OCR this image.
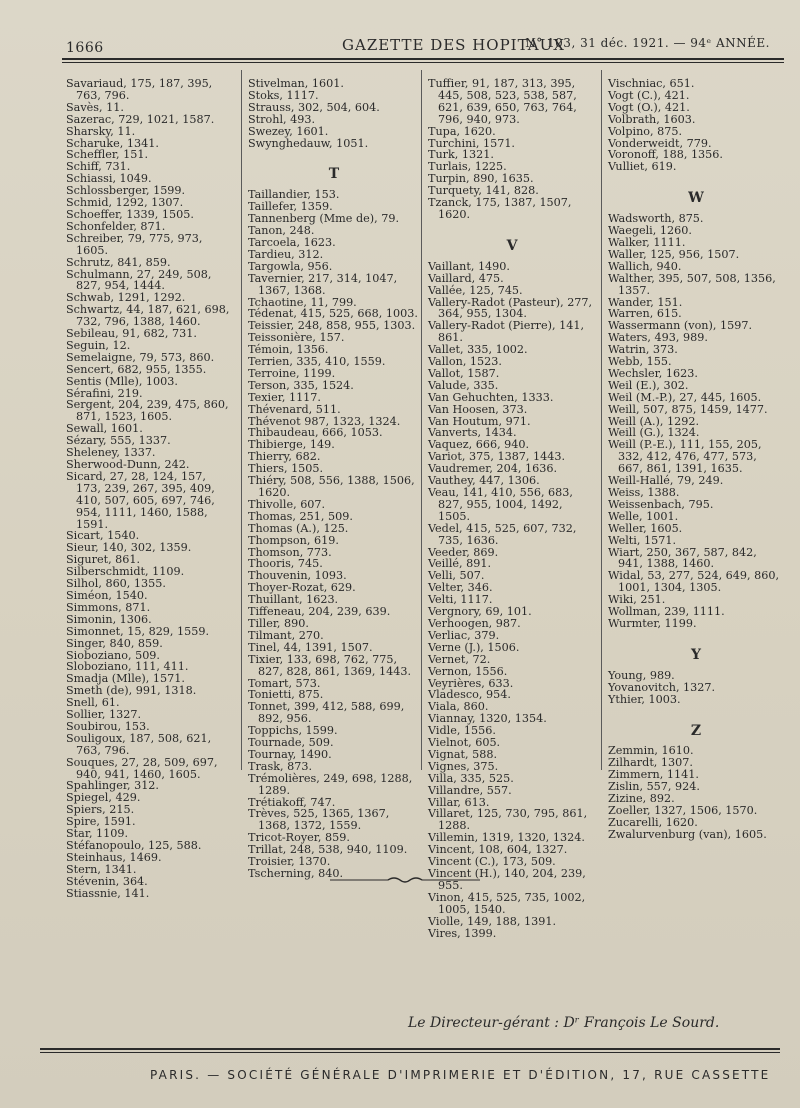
1666	GAZETTE DES HOPITAUX
N° 103, 31 déc. 1921. — 94ᵉ ANNÉE.
Savariaud, 175, 187, 395, 763, 796.
Savès, 11.
Sazerac, 729, 1021, 1587.
Sharsky, 11.
Scharuke, 1341.
Scheffler, 151.
Schiff, 731.
Schiassi, 1049.
Schlossberger, 1599.
Schmid, 1292, 1307.
Schoeffer, 1339, 1505.
Schonfelder, 871.
Schreiber, 79, 775, 973, 1605.
Schrutz, 841, 859.
Schulmann, 27, 249, 508, 827, 954, 1444.
Schwab, 1291, 1292.
Schwartz, 44, 187, 621, 698, 732, 796, 1388, 1460.
Sebileau, 91, 682, 731.
Seguin, 12.
Semelaigne, 79, 573, 860.
Sencert, 682, 955, 1355.
Sentis (Mlle), 1003.
Sérafini, 219.
Sergent, 204, 239, 475, 860, 871, 1523, 1605.
Sewall, 1601.
Sézary, 555, 1337.
Sheleney, 1337.
Sherwood-Dunn, 242.
Sicard, 27, 28, 124, 157, 173, 239, 267, 395, 409, 410, 507, 605, 697, 746, 954, 1111, 1460, 1588, 1591.
Sicart, 1540.
Sieur, 140, 302, 1359.
Siguret, 861.
Silberschmidt, 1109.
Silhol, 860, 1355.
Siméon, 1540.
Simmons, 871.
Simonin, 1306.
Simonnet, 15, 829, 1559.
Singer, 840, 859.
Sioboziano, 509.
Sloboziano, 111, 411.
Smadja (Mlle), 1571.
Smeth (de), 991, 1318.
Snell, 61.
Sollier, 1327.
Soubirou, 153.
Souligoux, 187, 508, 621, 763, 796.
Souques, 27, 28, 509, 697, 940, 941, 1460, 1605.
Spahlinger, 312.
Spiegel, 429.
Spiers, 215.
Spire, 1591.
Star, 1109.
Stéfanopoulo, 125, 588.
Steinhaus, 1469.
Stern, 1341.
Stévenin, 364.
Stiassnie, 141.
Stivelman, 1601.
Stoks, 1117.
Strauss, 302, 504, 604.
Strohl, 493.
Swezey, 1601.
Swynghedauw, 1051.
T
Taillandier, 153.
Taillefer, 1359.
Tannenberg (Mme de), 79.
Tanon, 248.
Tarcoela, 1623.
Tardieu, 312.
Targowla, 956.
Tavernier, 217, 314, 1047, 1367, 1368.
Tchaotine, 11, 799.
Tédenat, 415, 525, 668, 1003.
Teissier, 248, 858, 955, 1303.
Teissonière, 157.
Témoin, 1356.
Terrien, 335, 410, 1559.
Terroine, 1199.
Terson, 335, 1524.
Texier, 1117.
Thévenard, 511.
Thévenot 987, 1323, 1324.
Thibaudeau, 666, 1053.
Thibierge, 149.
Thierry, 682.
Thiers, 1505.
Thiéry, 508, 556, 1388, 1506, 1620.
Thivolle, 607.
Thomas, 251, 509.
Thomas (A.), 125.
Thompson, 619.
Thomson, 773.
Thooris, 745.
Thouvenin, 1093.
Thoyer-Rozat, 629.
Thuillant, 1623.
Tiffeneau, 204, 239, 639.
Tiller, 890.
Tilmant, 270.
Tinel, 44, 1391, 1507.
Tixier, 133, 698, 762, 775, 827, 828, 861, 1369, 1443.
Tomart, 573.
Tonietti, 875.
Tonnet, 399, 412, 588, 699, 892, 956.
Toppichs, 1599.
Tournade, 509.
Tournay, 1490.
Trask, 873.
Trémolières, 249, 698, 1288, 1289.
Trétiakoff, 747.
Trèves, 525, 1365, 1367, 1368, 1372, 1559.
Tricot-Royer, 859.
Trillat, 248, 538, 940, 1109.
Troisier, 1370.
Tscherning, 840.
Tuffier, 91, 187, 313, 395, 445, 508, 523, 538, 587, 621, 639, 650, 763, 764, 796, 940, 973.
Tupa, 1620.
Turchini, 1571.
Turk, 1321.
Turlais, 1225.
Turpin, 890, 1635.
Turquety, 141, 828.
Tzanck, 175, 1387, 1507, 1620.
V
Vaillant, 1490.
Vaillard, 475.
Vallée, 125, 745.
Vallery-Radot (Pasteur), 277, 364, 955, 1304.
Vallery-Radot (Pierre), 141, 861.
Vallet, 335, 1002.
Vallon, 1523.
Vallot, 1587.
Valude, 335.
Van Gehuchten, 1333.
Van Hoosen, 373.
Van Houtum, 971.
Vanverts, 1434.
Vaquez, 666, 940.
Variot, 375, 1387, 1443.
Vaudremer, 204, 1636.
Vauthey, 447, 1306.
Veau, 141, 410, 556, 683, 827, 955, 1004, 1492, 1505.
Vedel, 415, 525, 607, 732, 735, 1636.
Veeder, 869.
Veillé, 891.
Velli, 507.
Velter, 346.
Velti, 1117.
Vergnory, 69, 101.
Verhoogen, 987.
Verliac, 379.
Verne (J.), 1506.
Vernet, 72.
Vernon, 1556.
Veyrières, 633.
Vladesco, 954.
Viala, 860.
Viannay, 1320, 1354.
Vidle, 1556.
Vielnot, 605.
Vignat, 588.
Vignes, 375.
Villa, 335, 525.
Villandre, 557.
Villar, 613.
Villaret, 125, 730, 795, 861, 1288.
Villemin, 1319, 1320, 1324.
Vincent, 108, 604, 1327.
Vincent (C.), 173, 509.
Vincent (H.), 140, 204, 239, 955.
Vinon, 415, 525, 735, 1002, 1005, 1540.
Violle, 149, 188, 1391.
Vires, 1399.
Vischniac, 651.
Vogt (C.), 421.
Vogt (O.), 421.
Volbrath, 1603.
Volpino, 875.
Vonderweidt, 779.
Voronoff, 188, 1356.
Vulliet, 619.
W
Wadsworth, 875.
Waegeli, 1260.
Walker, 1111.
Waller, 125, 956, 1507.
Wallich, 940.
Walther, 395, 507, 508, 1356, 1357.
Wander, 151.
Warren, 615.
Wassermann (von), 1597.
Waters, 493, 989.
Watrin, 373.
Webb, 155.
Wechsler, 1623.
Weil (E.), 302.
Weil (M.-P.), 27, 445, 1605.
Weill, 507, 875, 1459, 1477.
Weill (A.), 1292.
Weill (G.), 1324.
Weill (P.-E.), 111, 155, 205, 332, 412, 476, 477, 573, 667, 861, 1391, 1635.
Weill-Hallé, 79, 249.
Weiss, 1388.
Weissenbach, 795.
Welle, 1001.
Weller, 1605.
Welti, 1571.
Wiart, 250, 367, 587, 842, 941, 1388, 1460.
Widal, 53, 277, 524, 649, 860, 1001, 1304, 1305.
Wiki, 251.
Wollman, 239, 1111.
Wurmter, 1199.
Y
Young, 989.
Yovanovitch, 1327.
Ythier, 1003.
Z
Zemmin, 1610.
Zilhardt, 1307.
Zimmern, 1141.
Zislin, 557, 924.
Zizine, 892.
Zoeller, 1327, 1506, 1570.
Zucarelli, 1620.
Zwalurvenburg (van), 1605.
Le Directeur-gérant : Dʳ François Le Sourd.
PARIS. — SOCIÉTÉ GÉNÉRALE D'IMPRIMERIE ET D'ÉDITION, 17, RUE CASSETTE
